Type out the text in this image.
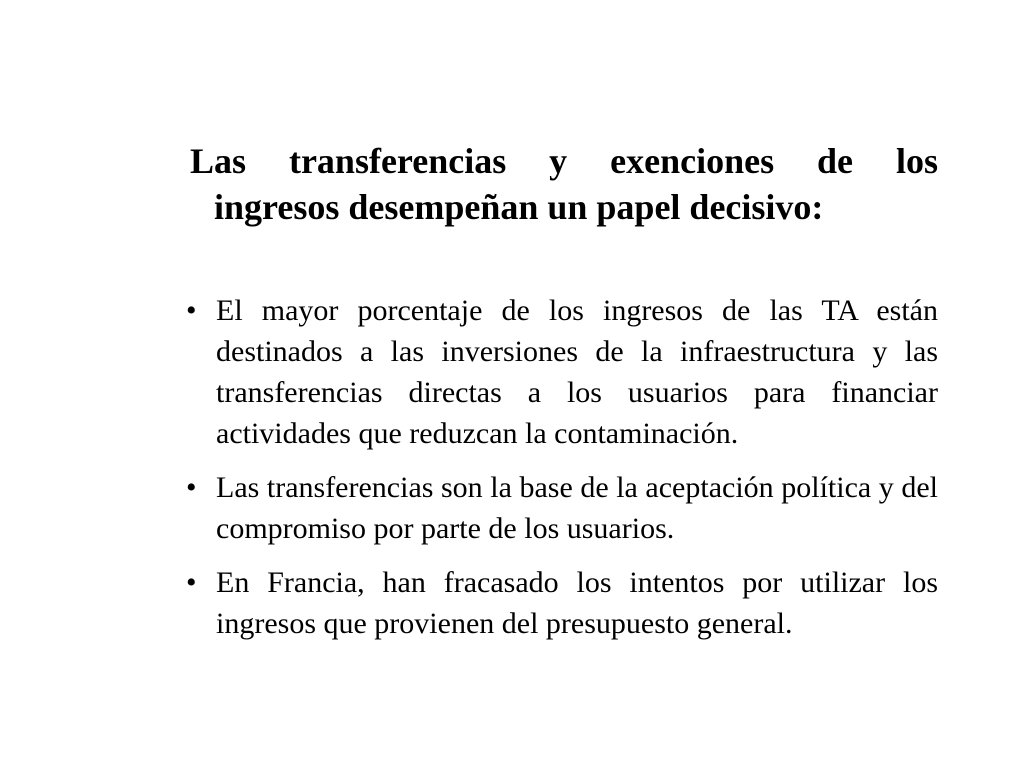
Las transferencias y exenciones de los
ingresos desempeñan un papel decisivo:
• El mayor porcentaje de los ingresos de las TA están destinados a las inversiones de la infraestructura y las transferencias directas a los usuarios para financiar actividades que reduzcan la contaminación.
• Las transferencias son la base de la aceptación política y del compromiso por parte de los usuarios.
• En Francia, han fracasado los intentos por utilizar los ingresos que provienen del presupuesto general.
